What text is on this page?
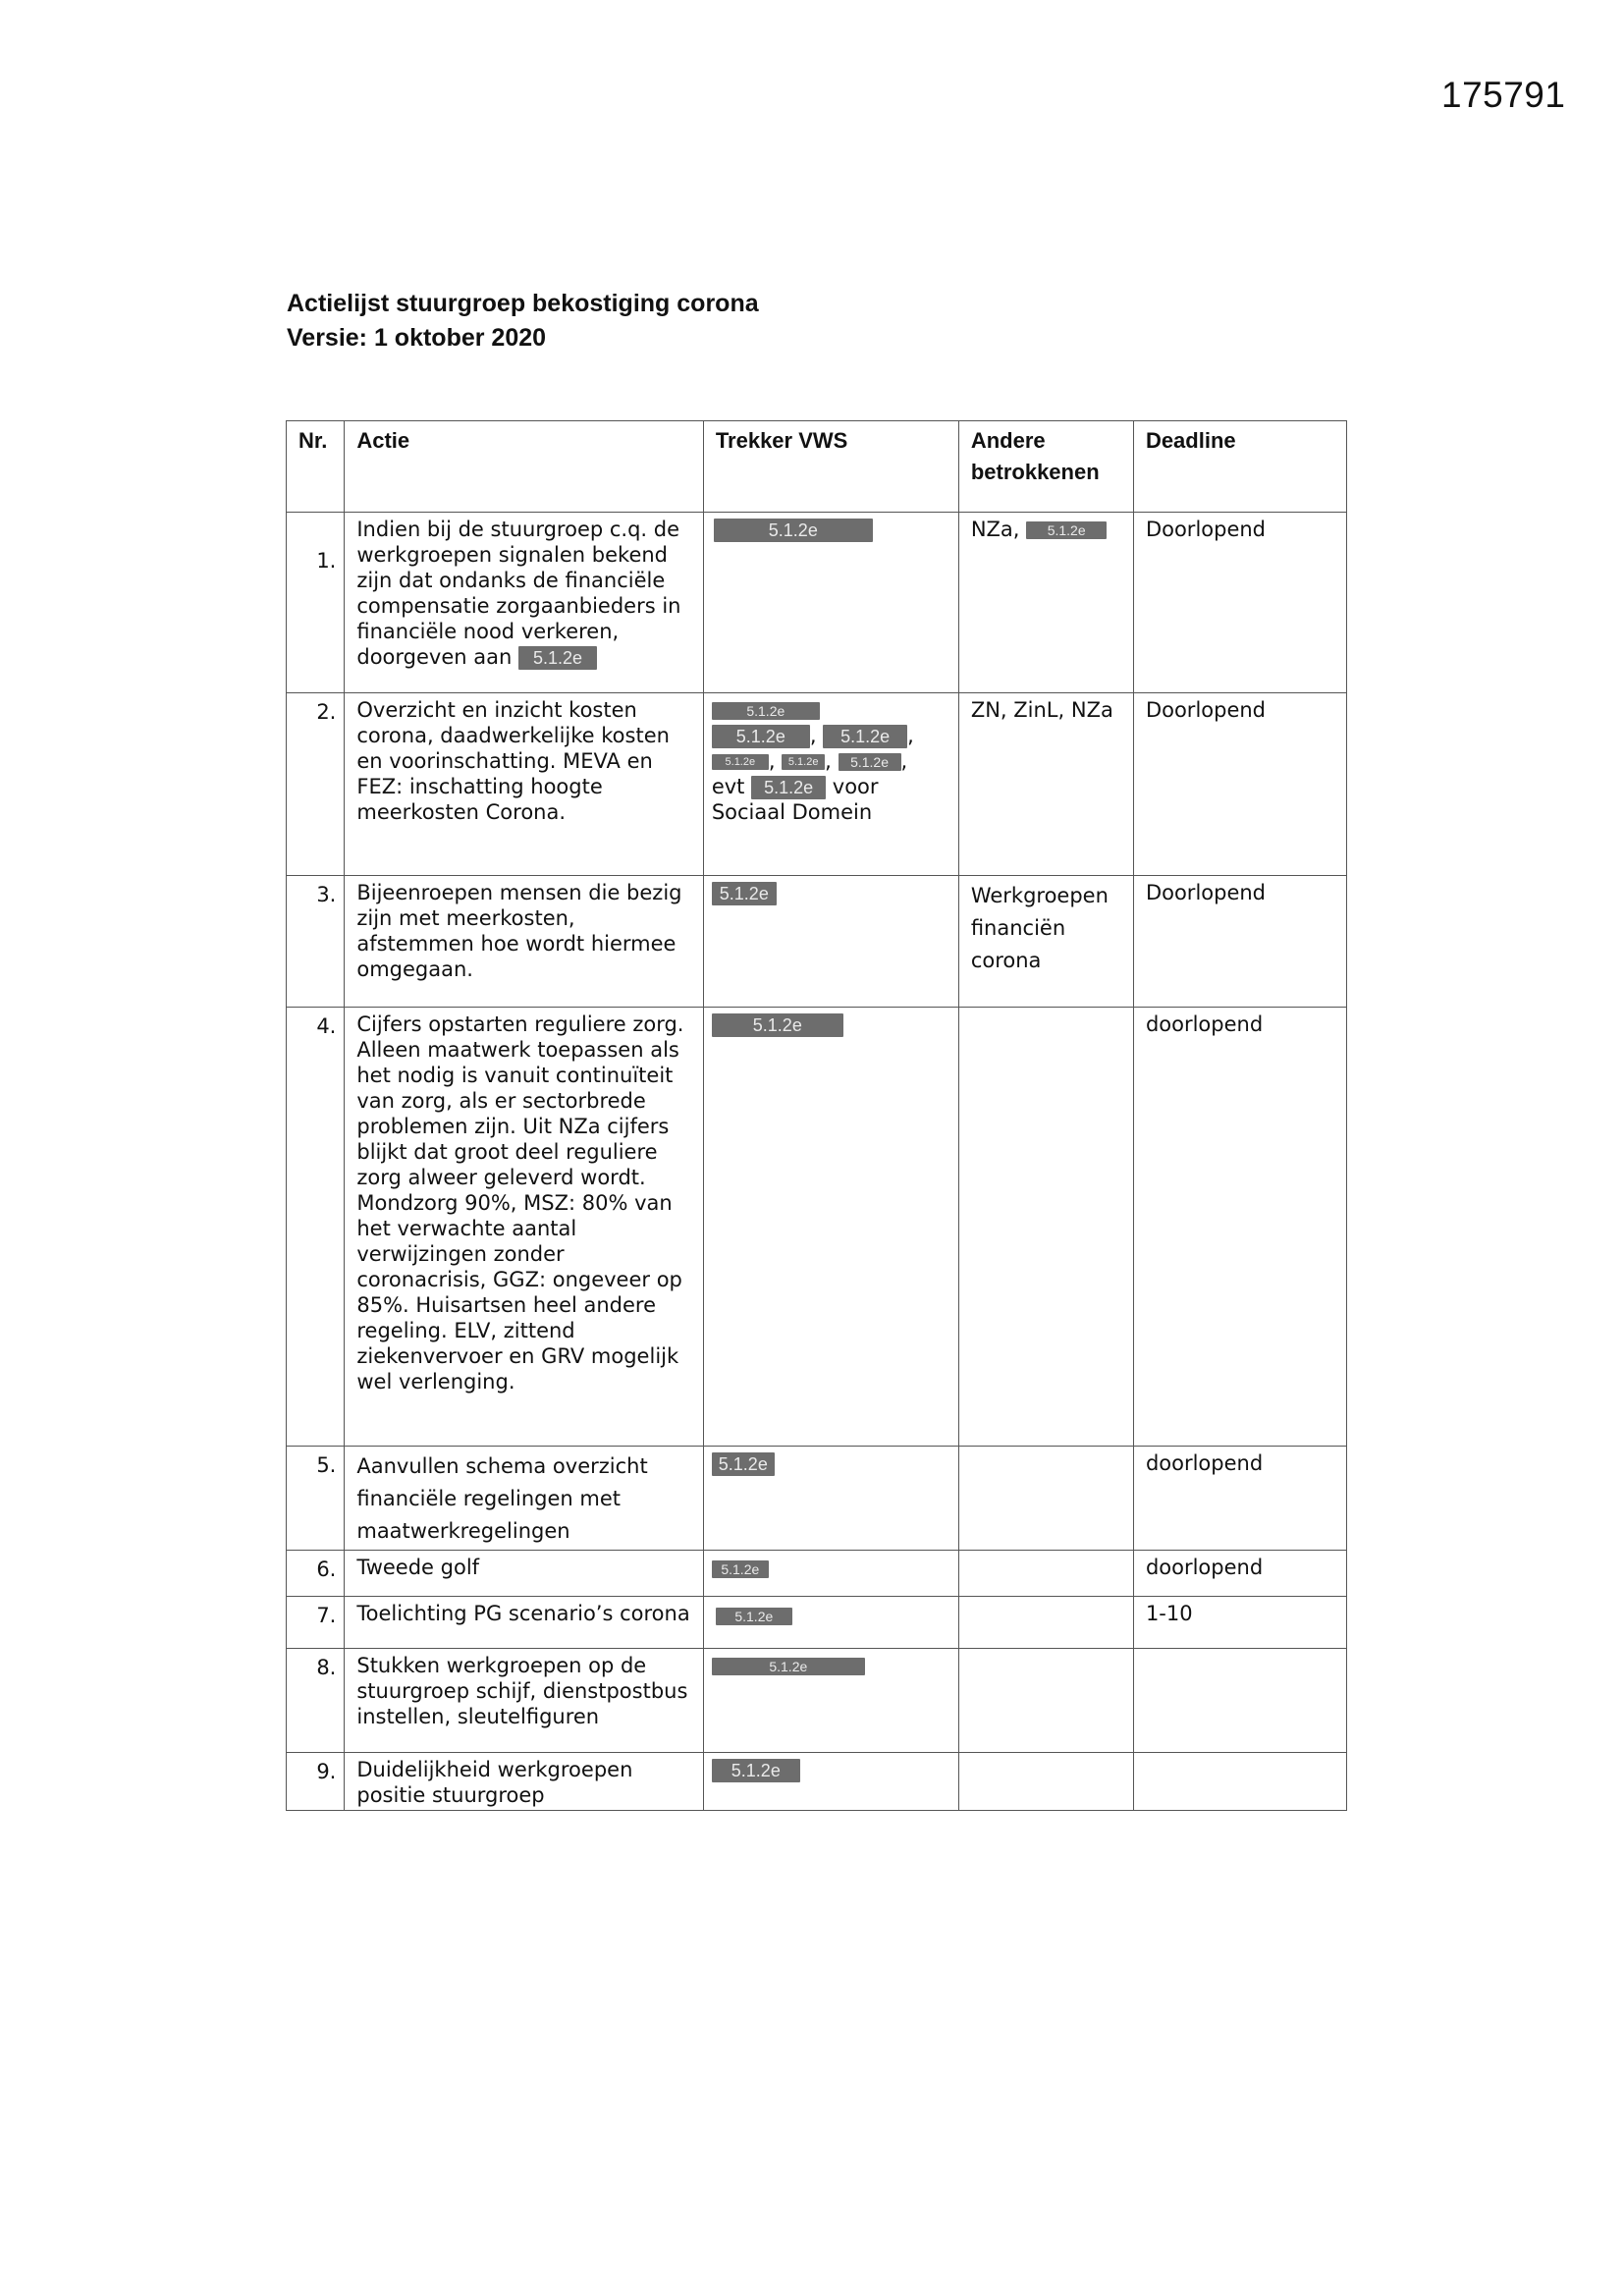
175791
Actielijst stuurgroep bekostiging corona
Versie: 1 oktober 2020
Nr.	Actie	Trekker VWS	Andere betrokkenen	Deadline
1.	Indien bij de stuurgroep c.q. de werkgroepen signalen bekend zijn dat ondanks de financiële compensatie zorgaanbieders in financiële nood verkeren, doorgeven aan 5.1.2e	5.1.2e	NZa, 5.1.2e	Doorlopend
2.	Overzicht en inzicht kosten corona, daadwerkelijke kosten en voorinschatting. MEVA en FEZ: inschatting hoogte meerkosten Corona.	5.1.2e
5.1.2e , 5.1.2e ,
5.1.2e , 5.1.2e , 5.1.2e ,
evt 5.1.2e voor
Sociaal Domein	ZN, ZinL, NZa	Doorlopend
3.	Bijeenroepen mensen die bezig zijn met meerkosten, afstemmen hoe wordt hiermee omgegaan.	5.1.2e	Werkgroepen financiën corona	Doorlopend
4.	Cijfers opstarten reguliere zorg. Alleen maatwerk toepassen als het nodig is vanuit continuïteit van zorg, als er sectorbrede problemen zijn. Uit NZa cijfers blijkt dat groot deel reguliere zorg alweer geleverd wordt. Mondzorg 90%, MSZ: 80% van het verwachte aantal verwijzingen zonder coronacrisis, GGZ: ongeveer op 85%. Huisartsen heel andere regeling. ELV, zittend ziekenvervoer en GRV mogelijk wel verlenging.	5.1.2e		doorlopend
5.	Aanvullen schema overzicht financiële regelingen met maatwerkregelingen	5.1.2e		doorlopend
6.	Tweede golf	5.1.2e		doorlopend
7.	Toelichting PG scenario’s corona	5.1.2e		1-10
8.	Stukken werkgroepen op de stuurgroep schijf, dienstpostbus instellen, sleutelfiguren	5.1.2e		
9.	Duidelijkheid werkgroepen positie stuurgroep	5.1.2e		
